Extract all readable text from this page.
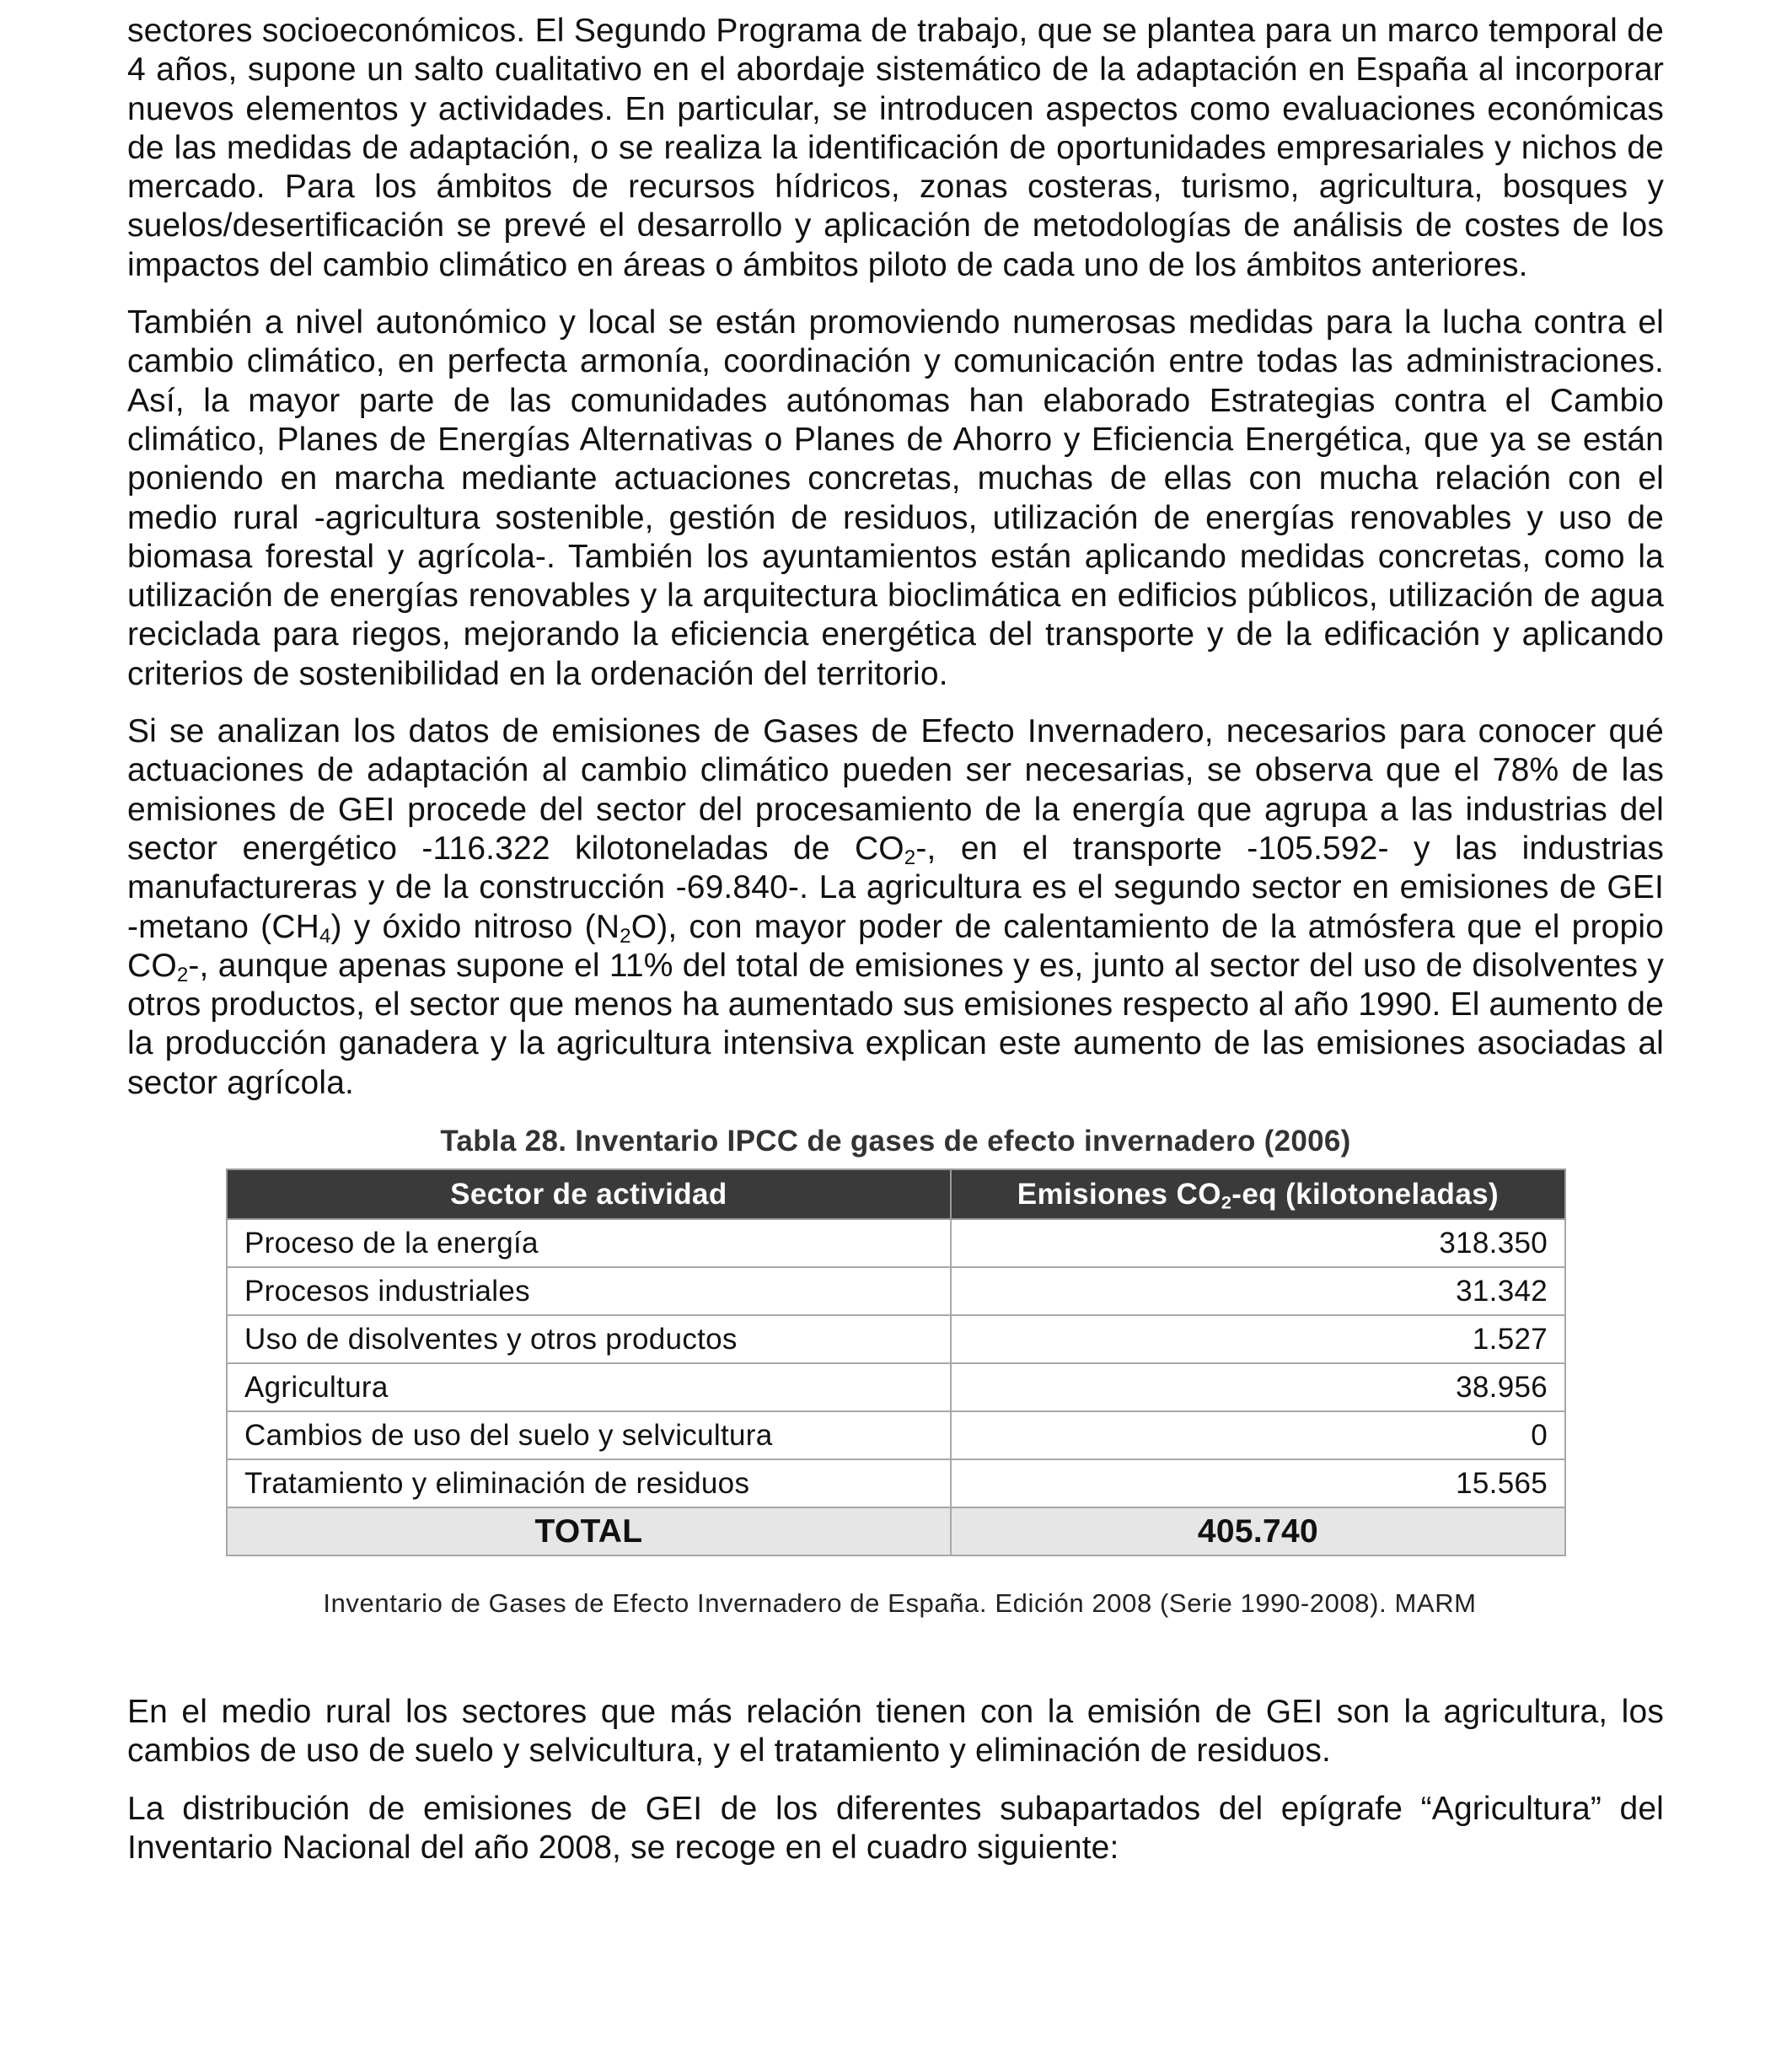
sectores socioeconómicos. El Segundo Programa de trabajo, que se plantea para un marco temporal de 4 años, supone un salto cualitativo en el abordaje sistemático de la adaptación en España al incorporar nuevos elementos y actividades. En particular, se introducen aspectos como evaluaciones económicas de las medidas de adaptación, o se realiza la identificación de oportunidades empresariales y nichos de mercado. Para los ámbitos de recursos hídricos, zonas costeras, turismo, agricultura, bosques y suelos/desertificación se prevé el desarrollo y aplicación de metodologías de análisis de costes de los impactos del cambio climático en áreas o ámbitos piloto de cada uno de los ámbitos anteriores.

También a nivel autonómico y local se están promoviendo numerosas medidas para la lucha contra el cambio climático, en perfecta armonía, coordinación y comunicación entre todas las administraciones. Así, la mayor parte de las comunidades autónomas han elaborado Estrategias contra el Cambio climático, Planes de Energías Alternativas o Planes de Ahorro y Eficiencia Energética, que ya se están poniendo en marcha mediante actuaciones concretas, muchas de ellas con mucha relación con el medio rural -agricultura sostenible, gestión de residuos, utilización de energías renovables y uso de biomasa forestal y agrícola-. También los ayuntamientos están aplicando medidas concretas, como la utilización de energías renovables y la arquitectura bioclimática en edificios públicos, utilización de agua reciclada para riegos, mejorando la eficiencia energética del transporte y de la edificación y aplicando criterios de sostenibilidad en la ordenación del territorio.

Si se analizan los datos de emisiones de Gases de Efecto Invernadero, necesarios para conocer qué actuaciones de adaptación al cambio climático pueden ser necesarias, se observa que el 78% de las emisiones de GEI procede del sector del procesamiento de la energía que agrupa a las industrias del sector energético -116.322 kilotoneladas de $CO_2-$, en el transporte -105.592- y las industrias manufactureras y de la construcción -69.840-. La agricultura es el segundo sector en emisiones de GEI -metano $(CH_4)$ y óxido nitroso $(N_2O)$, con mayor poder de calentamiento de la atmósfera que el propio $CO_2-$, aunque apenas supone el 11% del total de emisiones y es, junto al sector del uso de disolventes y otros productos, el sector que menos ha aumentado sus emisiones respecto al año 1990. El aumento de la producción ganadera y la agricultura intensiva explican este aumento de las emisiones asociadas al sector agrícola.

Tabla 28. Inventario IPCC de gases de efecto invernadero (2006)
Sector de actividad	Emisiones $CO_2-eq$ (kilotoneladas)
Proceso de la energía	318.350
Procesos industriales	31.342
Uso de disolventes y otros productos	1.527
Agricultura	38.956
Cambios de uso del suelo y selvicultura	0
Tratamiento y eliminación de residuos	15.565
TOTAL	405.740
Inventario de Gases de Efecto Invernadero de España. Edición 2008 (Serie 1990-2008). MARM

En el medio rural los sectores que más relación tienen con la emisión de GEI son la agricultura, los cambios de uso de suelo y selvicultura, y el tratamiento y eliminación de residuos.

La distribución de emisiones de GEI de los diferentes subapartados del epígrafe “Agricultura” del Inventario Nacional del año 2008, se recoge en el cuadro siguiente:
